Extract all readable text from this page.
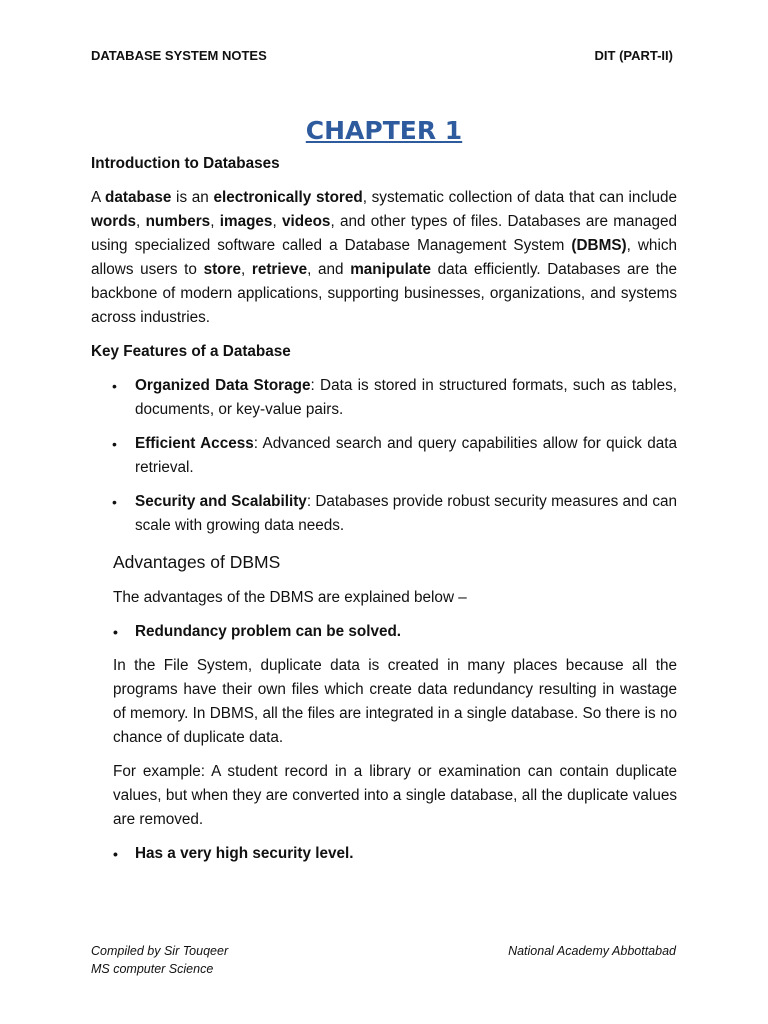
DATABASE SYSTEM NOTES	DIT (PART-II)
CHAPTER 1
Introduction to Databases

A database is an electronically stored, systematic collection of data that can include words, numbers, images, videos, and other types of files. Databases are managed using specialized software called a Database Management System (DBMS), which allows users to store, retrieve, and manipulate data efficiently. Databases are the backbone of modern applications, supporting businesses, organizations, and systems across industries.

Key Features of a Database
• Organized Data Storage: Data is stored in structured formats, such as tables, documents, or key-value pairs.
• Efficient Access: Advanced search and query capabilities allow for quick data retrieval.
• Security and Scalability: Databases provide robust security measures and can scale with growing data needs.
Advantages of DBMS

The advantages of the DBMS are explained below –

• Redundancy problem can be solved.

In the File System, duplicate data is created in many places because all the programs have their own files which create data redundancy resulting in wastage of memory. In DBMS, all the files are integrated in a single database. So there is no chance of duplicate data.

For example: A student record in a library or examination can contain duplicate values, but when they are converted into a single database, all the duplicate values are removed.

• Has a very high security level.
Compiled by Sir Touqeer
MS computer Science
National Academy Abbottabad
